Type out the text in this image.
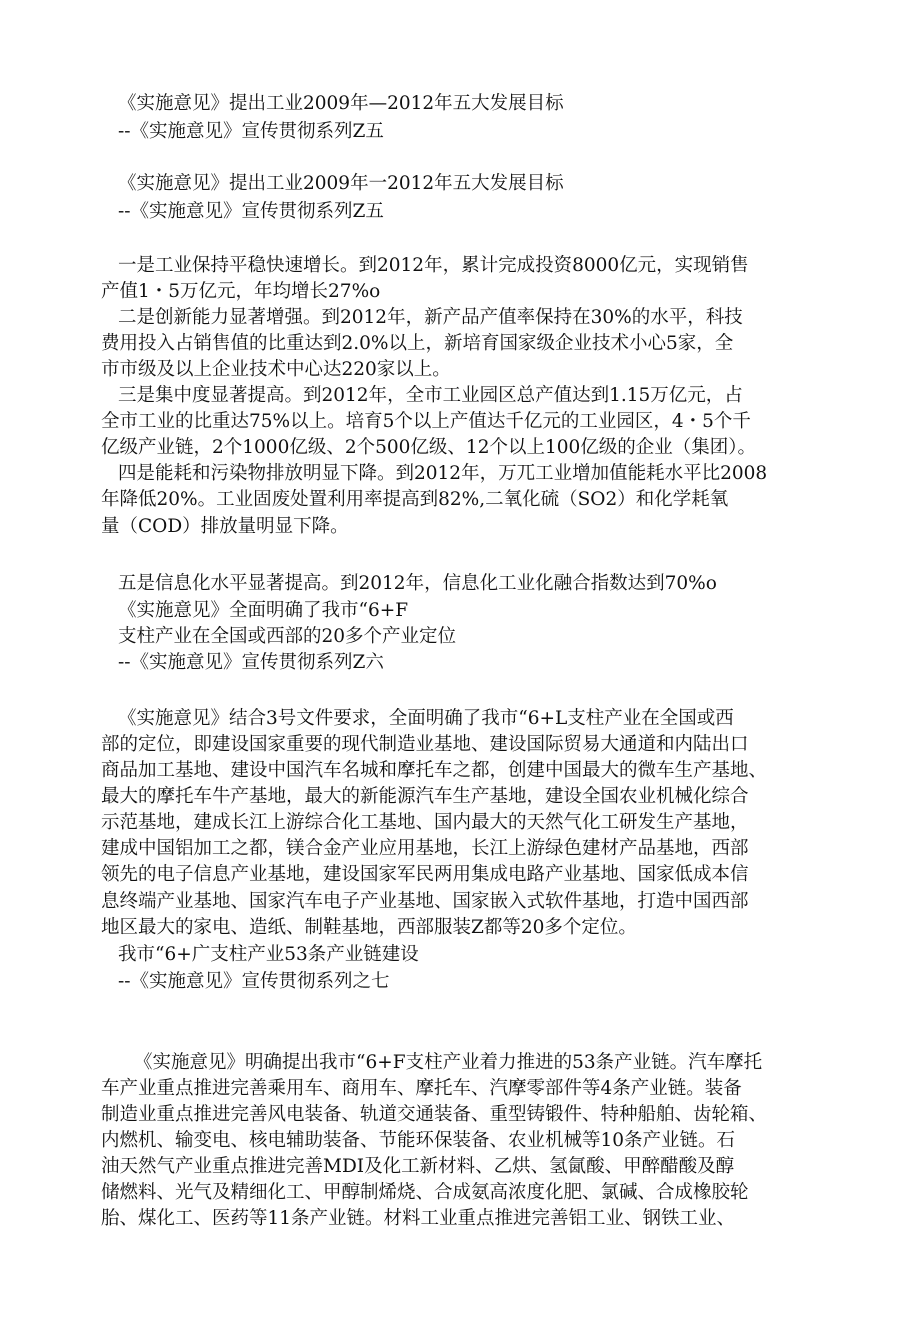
《实施意见》提出工业2009年—2012年五大发展目标
--《实施意见》宣传贯彻系列Z五
《实施意见》提出工业2009年一2012年五大发展目标
--《实施意见》宣传贯彻系列Z五
一是工业保持平稳快速增长。到2012年，累计完成投资8000亿元，实现销售
产值1・5万亿元，年均增长27%o
二是创新能力显著增强。到2012年，新产品产值率保持在30%的水平，科技
费用投入占销售值的比重达到2.0%以上，新培育国家级企业技术小心5家，全
市市级及以上企业技术中心达220家以上。
三是集中度显著提高。到2012年，全市工业园区总产值达到1.15万亿元，占
全市工业的比重达75%以上。培育5个以上产值达千亿元的工业园区，4・5个千
亿级产业链，2个1000亿级、2个500亿级、12个以上100亿级的企业（集团）。
四是能耗和污染物排放明显下降。到2012年，万兀工业增加值能耗水平比2008
年降低20%。工业固废处置利用率提高到82%,二氧化硫（SO2）和化学耗氧
量（COD）排放量明显下降。
五是信息化水平显著提高。到2012年，信息化工业化融合指数达到70%o
《实施意见》全面明确了我市“6+F
支柱产业在全国或西部的20多个产业定位
--《实施意见》宣传贯彻系列Z六
《实施意见》结合3号文件要求，全面明确了我市“6+L支柱产业在全国或西
部的定位，即建设国家重要的现代制造业基地、建设国际贸易大通道和内陆出口
商品加工基地、建设中国汽车名城和摩托车之都，创建中国最大的微车生产基地、
最大的摩托车牛产基地，最大的新能源汽车生产基地，建设全国农业机械化综合
示范基地，建成长江上游综合化工基地、国内最大的天然气化工研发生产基地，
建成中国铝加工之都，镁合金产业应用基地，长江上游绿色建材产品基地，西部
领先的电子信息产业基地，建设国家军民两用集成电路产业基地、国家低成本信
息终端产业基地、国家汽车电子产业基地、国家嵌入式软件基地，打造中国西部
地区最大的家电、造纸、制鞋基地，西部服装Z都等20多个定位。
我市“6+广支柱产业53条产业链建设
--《实施意见》宣传贯彻系列之七
《实施意见》明确提出我市“6+F支柱产业着力推进的53条产业链。汽车摩托
车产业重点推进完善乘用车、商用车、摩托车、汽摩零部件等4条产业链。装备
制造业重点推进完善风电装备、轨道交通装备、重型铸锻件、特种船舶、齿轮箱、
内燃机、输变电、核电辅助装备、节能环保装备、农业机械等10条产业链。石
油天然气产业重点推进完善MDI及化工新材料、乙烘、氢氤酸、甲醉醋酸及醇
储燃料、光气及精细化工、甲醇制烯烧、合成氨高浓度化肥、氯碱、合成橡胶轮
胎、煤化工、医药等11条产业链。材料工业重点推进完善铝工业、钢铁工业、
